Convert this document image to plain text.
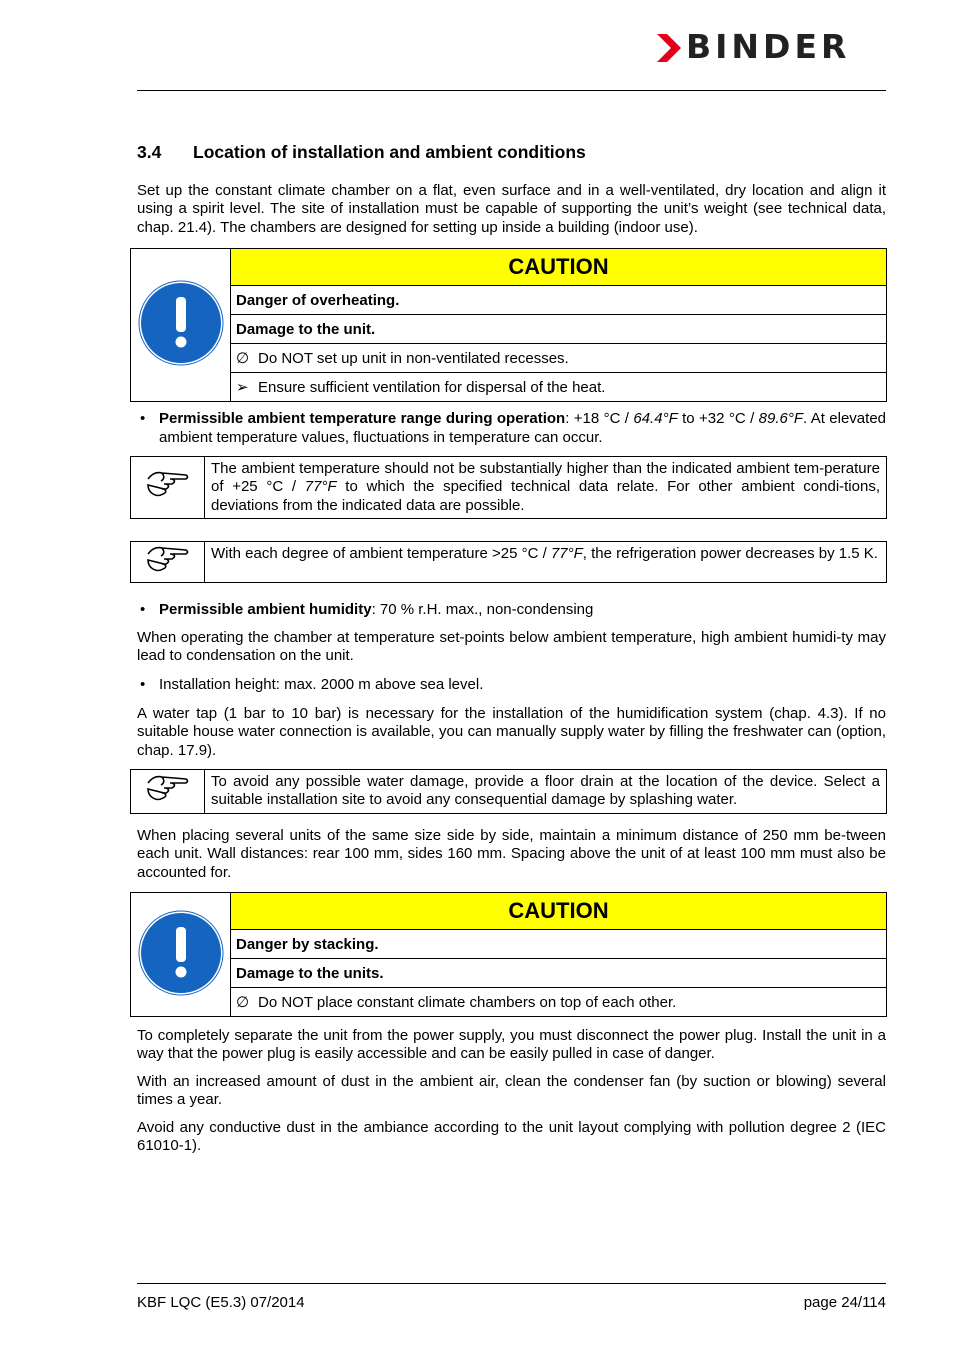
BINDER
3.4 Location of installation and ambient conditions
Set up the constant climate chamber on a flat, even surface and in a well-ventilated, dry location and align it using a spirit level. The site of installation must be capable of supporting the unit’s weight (see technical data, chap. 21.4). The chambers are designed for setting up inside a building (indoor use).
	CAUTION
Danger of overheating.
Damage to the unit.
∅ Do NOT set up unit in non-ventilated recesses.
➢ Ensure sufficient ventilation for dispersal of the heat.
• Permissible ambient temperature range during operation: +18 °C / 64.4°F to +32 °C / 89.6°F. At elevated ambient temperature values, fluctuations in temperature can occur.
	The ambient temperature should not be substantially higher than the indicated ambient tem-perature of +25 °C / 77°F to which the specified technical data relate. For other ambient condi-tions, deviations from the indicated data are possible.
	With each degree of ambient temperature >25 °C / 77°F, the refrigeration power decreases by 1.5 K.
• Permissible ambient humidity: 70 % r.H. max., non-condensing
When operating the chamber at temperature set-points below ambient temperature, high ambient humidi-ty may lead to condensation on the unit.
• Installation height: max. 2000 m above sea level.
A water tap (1 bar to 10 bar) is necessary for the installation of the humidification system (chap. 4.3). If no suitable house water connection is available, you can manually supply water by filling the freshwater can (option, chap. 17.9).
	To avoid any possible water damage, provide a floor drain at the location of the device. Select a suitable installation site to avoid any consequential damage by splashing water.
When placing several units of the same size side by side, maintain a minimum distance of 250 mm be-tween each unit. Wall distances: rear 100 mm, sides 160 mm. Spacing above the unit of at least 100 mm must also be accounted for.
	CAUTION
Danger by stacking.
Damage to the units.
∅ Do NOT place constant climate chambers on top of each other.
To completely separate the unit from the power supply, you must disconnect the power plug. Install the unit in a way that the power plug is easily accessible and can be easily pulled in case of danger.
With an increased amount of dust in the ambient air, clean the condenser fan (by suction or blowing) several times a year.
Avoid any conductive dust in the ambiance according to the unit layout complying with pollution degree 2 (IEC 61010-1).
KBF LQC (E5.3) 07/2014	page 24/114
